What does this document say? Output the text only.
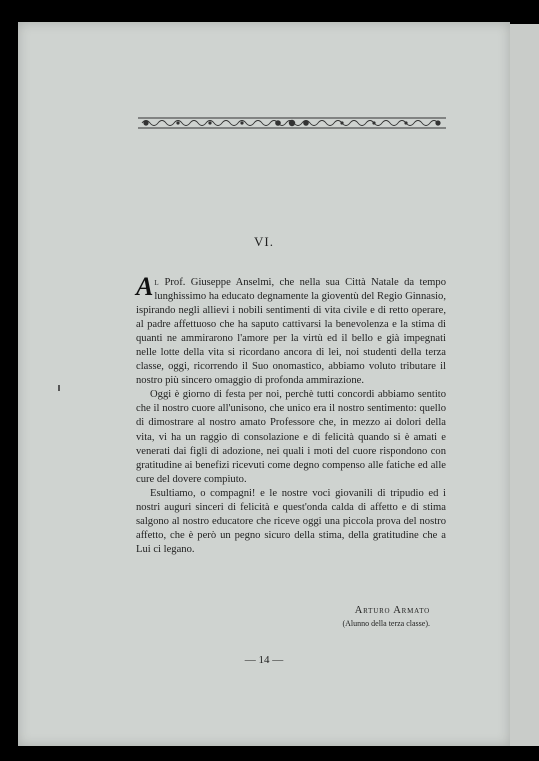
VI.

Al Prof. Giuseppe Anselmi, che nella sua Città Natale da tempo lunghissimo ha educato degnamente la gioventù del Regio Ginnasio, ispirando negli allievi i nobili sentimenti di vita civile e di retto operare, al padre affettuoso che ha saputo cattivarsi la benevolenza e la stima di quanti ne ammirarono l'amore per la virtù ed il bello e già impegnati nelle lotte della vita si ricordano ancora di lei, noi studenti della terza classe, oggi, ricorrendo il Suo onomastico, abbiamo voluto tributare il nostro più sincero omaggio di profonda ammirazione.

Oggi è giorno di festa per noi, perchè tutti concordi abbiamo sentito che il nostro cuore all'unisono, che unico era il nostro sentimento: quello di dimostrare al nostro amato Professore che, in mezzo ai dolori della vita, vi ha un raggio di consolazione e di felicità quando si è amati e venerati dai figli di adozione, nei quali i moti del cuore rispondono con gratitudine ai benefizi ricevuti come degno compenso alle fatiche ed alle cure del dovere compiuto.

Esultiamo, o compagni! e le nostre voci giovanili di tripudio ed i nostri auguri sinceri di felicità e quest'onda calda di affetto e di stima salgono al nostro educatore che riceve oggi una piccola prova del nostro affetto, che è però un pegno sicuro della stima, della gratitudine che a Lui ci legano.

Arturo Armato
(Alunno della terza classe).
— 14 —
